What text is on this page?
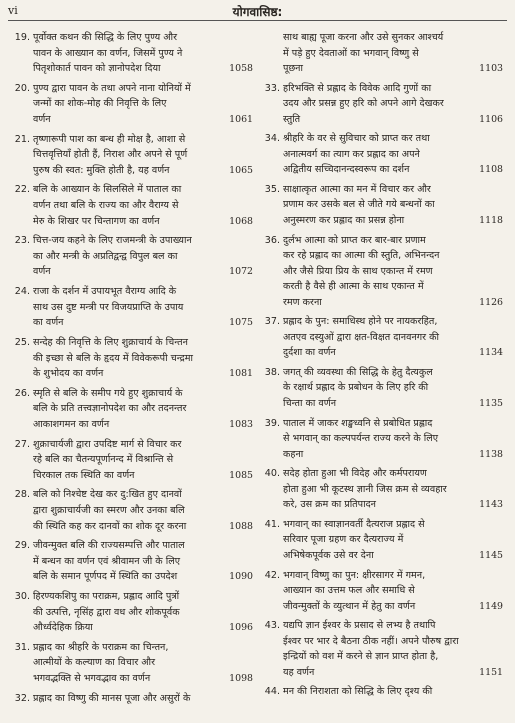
vi	योगवासिष्ठ:
19. पूर्वोक्त कथन की सिद्धि के लिए पुण्य और
पावन के आख्यान का वर्णन, जिसमें पुण्य ने
पितृशोकार्त पावन को ज्ञानोपदेश दिया	1058
20. पुण्य द्वारा पावन के तथा अपने नाना योनियों में
जन्मों का शोक-मोह की निवृत्ति के लिए
वर्णन	1061
21. तृष्णारूपी पाश का बन्ध ही मोक्ष है, आशा से
चित्तवृत्तियाँ होती हैं, निराश और अपने से पूर्ण
पुरुष की स्वत: मुक्ति होती है, यह वर्णन	1065
22. बलि के आख्यान के सिलसिले में पाताल का
वर्णन तथा बलि के राज्य का और वैराग्य से
मेरु के शिखर पर चिन्तागण का वर्णन	1068
23. चित्त-जय कहने के लिए राजमन्त्री के उपाख्यान
का और मन्त्री के अप्रतिद्वन्द्व विपुल बल का
वर्णन	1072
24. राजा के दर्शन में उपायभूत वैराग्य आदि के
साथ उस दुष्ट मन्त्री पर विजयप्राप्ति के उपाय
का वर्णन	1075
25. सन्देह की निवृत्ति के लिए शुक्राचार्य के चिन्तन
की इच्छा से बलि के हृदय में विवेकरूपी चन्द्रमा
के शुभोदय का वर्णन	1081
26. स्मृति से बलि के समीप गये हुए शुक्राचार्य के
बलि के प्रति तत्त्वज्ञानोपदेश का और तदनन्तर
आकाशगमन का वर्णन	1083
27. शुक्राचार्यजी द्वारा उपदिष्ट मार्ग से विचार कर
रहे बलि का चैतन्यपूर्णानन्द में विश्रान्ति से
चिरकाल तक स्थिति का वर्णन	1085
28. बलि को निश्चेष्ट देख कर दु:खित हुए दानवों
द्वारा शुक्राचार्यजी का स्मरण और उनका बलि
की स्थिति कह कर दानवों का शोक दूर करना	1088
29. जीवन्मुक्त बलि की राज्यसम्पत्ति और पाताल
में बन्धन का वर्णन एवं श्रीवामन जी के लिए
बलि के समान पूर्णपद में स्थिति का उपदेश	1090
30. हिरण्यकशिपु का पराक्रम, प्रह्लाद आदि पुत्रों
की उत्पत्ति, नृसिंह द्वारा वध और शोकपूर्वक
और्ध्वदेहिक क्रिया	1096
31. प्रह्लाद का श्रीहरि के पराक्रम का चिन्तन,
आत्मीयों के कल्याण का विचार और
भगवद्भक्ति से भगवद्भाव का वर्णन	1098
32. प्रह्लाद का विष्णु की मानस पूजा और असुरों के
साथ बाह्य पूजा करना और उसे सुनकर आश्चर्य
में पड़े हुए देवताओं का भगवान् विष्णु से
पूछना	1103
33. हरिभक्ति से प्रह्लाद के विवेक आदि गुणों का
उदय और प्रसन्न हुए हरि को अपने आगे देखकर
स्तुति	1106
34. श्रीहरि के वर से सुविचार को प्राप्त कर तथा
अनात्मवर्ग का त्याग कर प्रह्लाद का अपने
अद्वितीय सच्चिदानन्दस्वरूप का दर्शन	1108
35. साक्षात्कृत आत्मा का मन में विचार कर और
प्रणाम कर उसके बल से जीते गये बन्धनों का
अनुस्मरण कर प्रह्लाद का प्रसन्न होना	1118
36. दुर्लभ आत्मा को प्राप्त कर बार-बार प्रणाम
कर रहे प्रह्लाद का आत्मा की स्तुति, अभिनन्दन
और जैसे प्रिया प्रिय के साथ एकान्त में रमण
करती है वैसे ही आत्मा के साथ एकान्त में
रमण करना	1126
37. प्रह्लाद के पुन: समाधिस्थ होने पर नायकरहित,
अतएव दस्युओं द्वारा क्षत-विक्षत दानवनगर की
दुर्दशा का वर्णन	1134
38. जगत् की व्यवस्था की सिद्धि के हेतु दैत्यकुल
के रक्षार्थ प्रह्लाद के प्रबोधन के लिए हरि की
चिन्ता का वर्णन	1135
39. पाताल में जाकर शङ्खध्वनि से प्रबोधित प्रह्लाद
से भगवान् का कल्पपर्यन्त राज्य करने के लिए
कहना	1138
40. सदेह होता हुआ भी विदेह और कर्मपरायण
होता हुआ भी कूटस्थ ज्ञानी जिस क्रम से व्यवहार
करे, उस क्रम का प्रतिपादन	1143
41. भगवान् का स्वाज्ञानवर्ती दैत्यराज प्रह्लाद से
सरिवार पूजा ग्रहण कर दैत्यराज्य में
अभिषेकपूर्वक उसे वर देना	1145
42. भगवान् विष्णु का पुन: क्षीरसागर में गमन,
आख्यान का उत्तम फल और समाधि से
जीवन्मुक्तों के व्युत्थान में हेतु का वर्णन	1149
43. यद्यपि ज्ञान ईश्वर के प्रसाद से लभ्य है तथापि
ईश्वर पर भार दे बैठना ठीक नहीं। अपने पौरुष द्वारा
इन्द्रियों को वश में करने से ज्ञान प्राप्त होता है,
यह वर्णन	1151
44. मन की निराशता को सिद्धि के लिए दृश्य की
